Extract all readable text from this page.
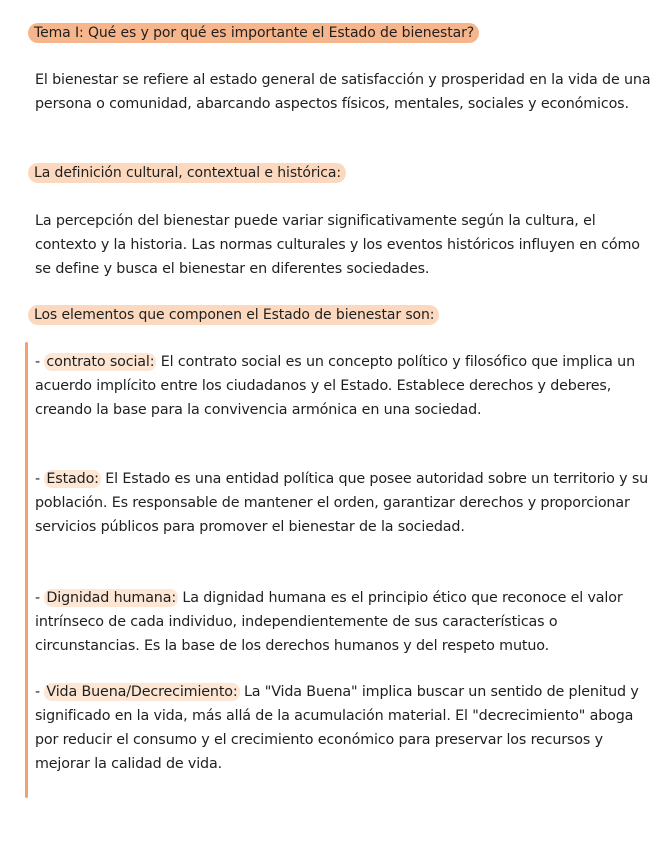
Tema I: Qué es y por qué es importante el Estado de bienestar?

El bienestar se refiere al estado general de satisfacción y prosperidad en la vida de una persona o comunidad, abarcando aspectos físicos, mentales, sociales y económicos.

La definición cultural, contextual e histórica:

La percepción del bienestar puede variar significativamente según la cultura, el contexto y la historia. Las normas culturales y los eventos históricos influyen en cómo se define y busca el bienestar en diferentes sociedades.

Los elementos que componen el Estado de bienestar son:
- contrato social: El contrato social es un concepto político y filosófico que implica un acuerdo implícito entre los ciudadanos y el Estado. Establece derechos y deberes, creando la base para la convivencia armónica en una sociedad.
- Estado: El Estado es una entidad política que posee autoridad sobre un territorio y su población. Es responsable de mantener el orden, garantizar derechos y proporcionar servicios públicos para promover el bienestar de la sociedad.
- Dignidad humana: La dignidad humana es el principio ético que reconoce el valor intrínseco de cada individuo, independientemente de sus características o circunstancias. Es la base de los derechos humanos y del respeto mutuo.
- Vida Buena/Decrecimiento: La "Vida Buena" implica buscar un sentido de plenitud y significado en la vida, más allá de la acumulación material. El "decrecimiento" aboga por reducir el consumo y el crecimiento económico para preservar los recursos y mejorar la calidad de vida.
